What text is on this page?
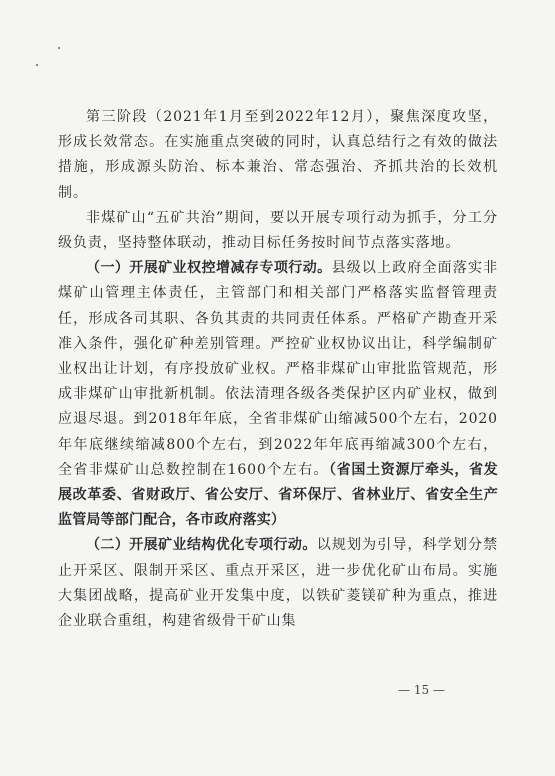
第三阶段（2021年1月至到2022年12月），聚焦深度攻坚，形成长效常态。在实施重点突破的同时，认真总结行之有效的做法措施，形成源头防治、标本兼治、常态强治、齐抓共治的长效机制。

非煤矿山“五矿共治”期间，要以开展专项行动为抓手，分工分级负责，坚持整体联动，推动目标任务按时间节点落实落地。

（一）开展矿业权控增减存专项行动。县级以上政府全面落实非煤矿山管理主体责任，主管部门和相关部门严格落实监督管理责任，形成各司其职、各负其责的共同责任体系。严格矿产勘查开采准入条件，强化矿种差别管理。严控矿业权协议出让，科学编制矿业权出让计划，有序投放矿业权。严格非煤矿山审批监管规范，形成非煤矿山审批新机制。依法清理各级各类保护区内矿业权，做到应退尽退。到2018年年底，全省非煤矿山缩减500个左右，2020年年底继续缩减800个左右，到2022年年底再缩减300个左右，全省非煤矿山总数控制在1600个左右。（省国土资源厅牵头，省发展改革委、省财政厅、省公安厅、省环保厅、省林业厅、省安全生产监管局等部门配合，各市政府落实）

（二）开展矿业结构优化专项行动。以规划为引导，科学划分禁止开采区、限制开采区、重点开采区，进一步优化矿山布局。实施大集团战略，提高矿业开发集中度，以铁矿菱镁矿种为重点，推进企业联合重组，构建省级骨干矿山集

— 15 —
